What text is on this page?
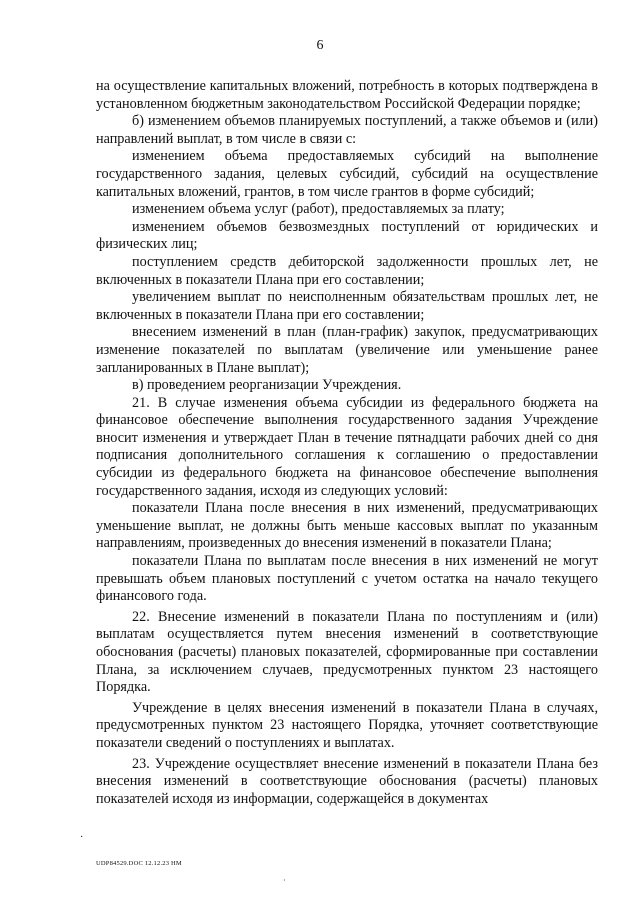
6

на осуществление капитальных вложений, потребность в которых подтверждена в установленном бюджетным законодательством Российской Федерации порядке;

б) изменением объемов планируемых поступлений, а также объемов и (или) направлений выплат, в том числе в связи с:

изменением объема предоставляемых субсидий на выполнение государственного задания, целевых субсидий, субсидий на осуществление капитальных вложений, грантов, в том числе грантов в форме субсидий;

изменением объема услуг (работ), предоставляемых за плату;

изменением объемов безвозмездных поступлений от юридических и физических лиц;

поступлением средств дебиторской задолженности прошлых лет, не включенных в показатели Плана при его составлении;

увеличением выплат по неисполненным обязательствам прошлых лет, не включенных в показатели Плана при его составлении;

внесением изменений в план (план-график) закупок, предусматривающих изменение показателей по выплатам (увеличение или уменьшение ранее запланированных в Плане выплат);

в) проведением реорганизации Учреждения.

21. В случае изменения объема субсидии из федерального бюджета на финансовое обеспечение выполнения государственного задания Учреждение вносит изменения и утверждает План в течение пятнадцати рабочих дней со дня подписания дополнительного соглашения к соглашению о предоставлении субсидии из федерального бюджета на финансовое обеспечение выполнения государственного задания, исходя из следующих условий:

показатели Плана после внесения в них изменений, предусматривающих уменьшение выплат, не должны быть меньше кассовых выплат по указанным направлениям, произведенных до внесения изменений в показатели Плана;

показатели Плана по выплатам после внесения в них изменений не могут превышать объем плановых поступлений с учетом остатка на начало текущего финансового года.

22. Внесение изменений в показатели Плана по поступлениям и (или) выплатам осуществляется путем внесения изменений в соответствующие обоснования (расчеты) плановых показателей, сформированные при составлении Плана, за исключением случаев, предусмотренных пунктом 23 настоящего Порядка.

Учреждение в целях внесения изменений в показатели Плана в случаях, предусмотренных пунктом 23 настоящего Порядка, уточняет соответствующие показатели сведений о поступлениях и выплатах.

23. Учреждение осуществляет внесение изменений в показатели Плана без внесения изменений в соответствующие обоснования (расчеты) плановых показателей исходя из информации, содержащейся в документах

·
UDP84529.DOC 12.12.23 НМ
·
